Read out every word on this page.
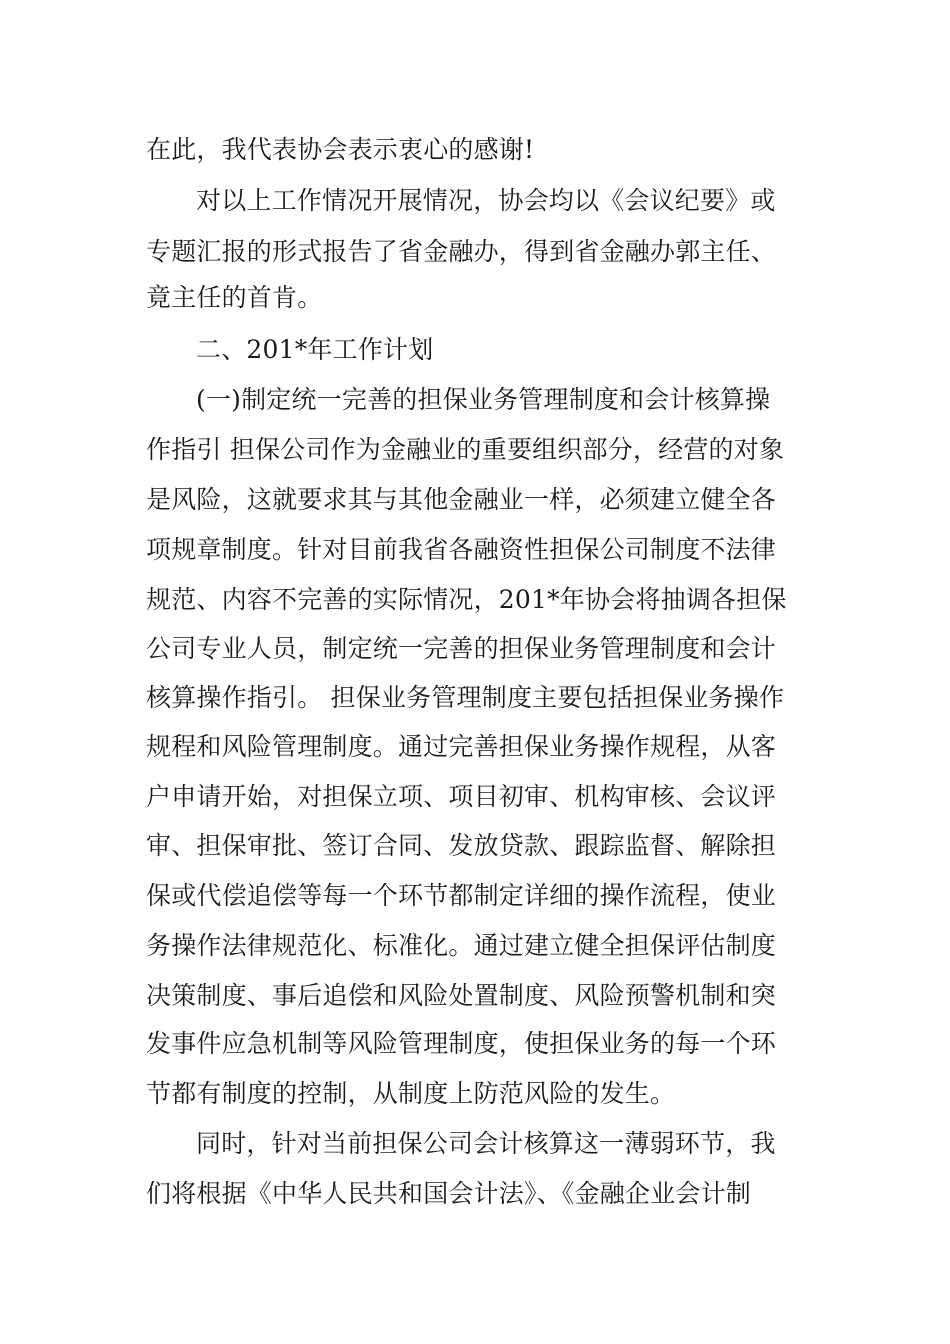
在此，我代表协会表示衷心的感谢!
对以上工作情况开展情况，协会均以《会议纪要》或
专题汇报的形式报告了省金融办，得到省金融办郭主任、
竟主任的首肯。
二、201*年工作计划
(一)制定统一完善的担保业务管理制度和会计核算操
作指引 担保公司作为金融业的重要组织部分，经营的对象
是风险，这就要求其与其他金融业一样，必须建立健全各
项规章制度。针对目前我省各融资性担保公司制度不法律
规范、内容不完善的实际情况，201*年协会将抽调各担保
公司专业人员，制定统一完善的担保业务管理制度和会计
核算操作指引。 担保业务管理制度主要包括担保业务操作
规程和风险管理制度。通过完善担保业务操作规程，从客
户申请开始，对担保立项、项目初审、机构审核、会议评
审、担保审批、签订合同、发放贷款、跟踪监督、解除担
保或代偿追偿等每一个环节都制定详细的操作流程，使业
务操作法律规范化、标准化。通过建立健全担保评估制度
决策制度、事后追偿和风险处置制度、风险预警机制和突
发事件应急机制等风险管理制度，使担保业务的每一个环
节都有制度的控制，从制度上防范风险的发生。
同时，针对当前担保公司会计核算这一薄弱环节，我
们将根据《中华人民共和国会计法》、《金融企业会计制
